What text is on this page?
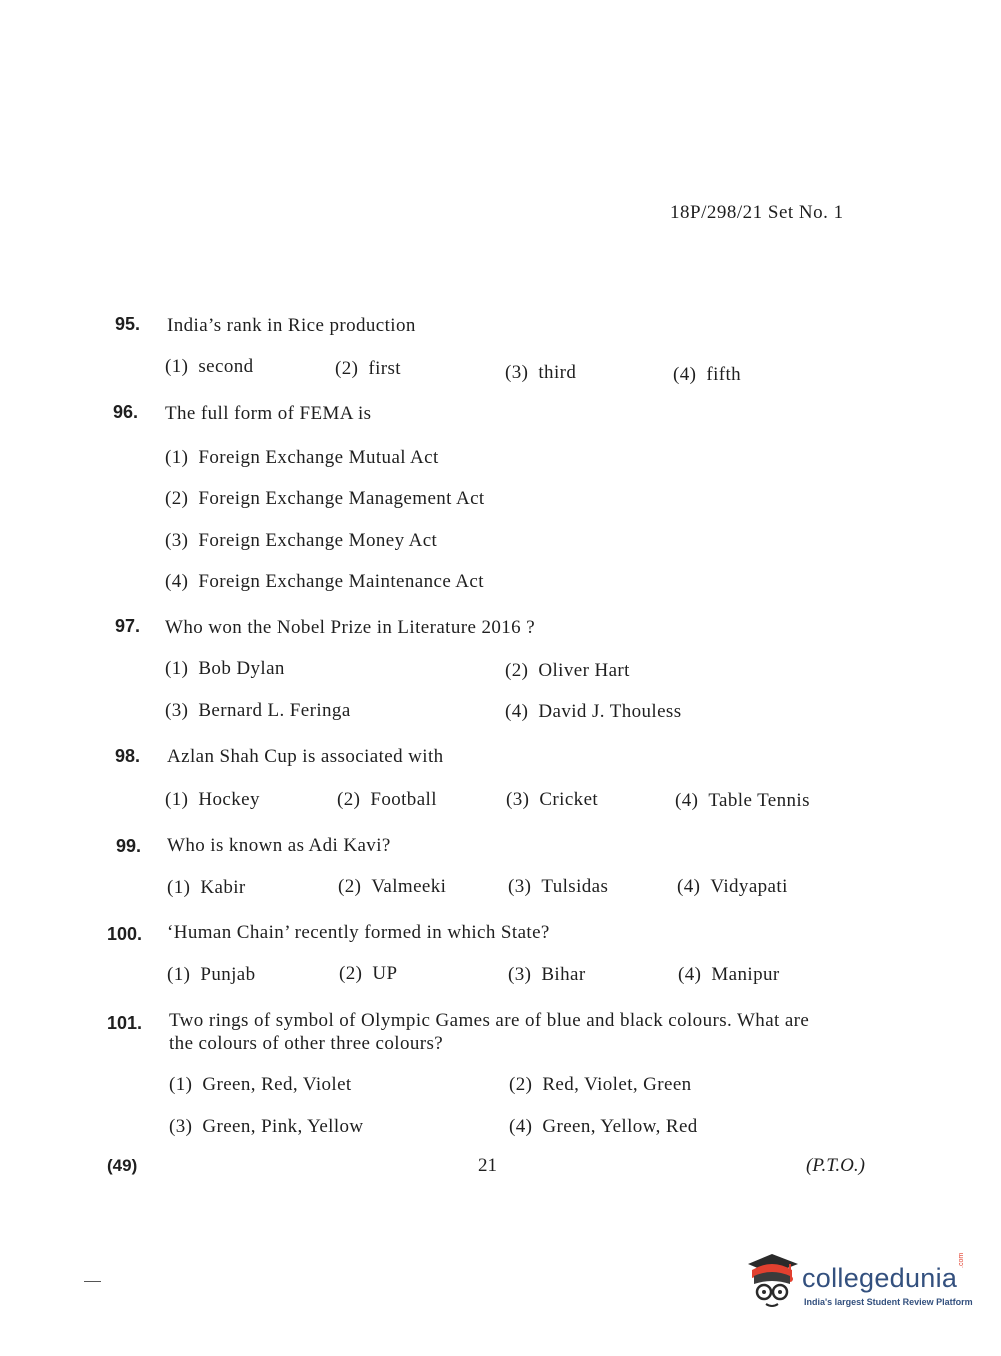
18P/298/21 Set No. 1
95. India’s rank in Rice production
(1) second	(2) first	(3) third	(4) fifth
96. The full form of FEMA is
(1) Foreign Exchange Mutual Act
(2) Foreign Exchange Management Act
(3) Foreign Exchange Money Act
(4) Foreign Exchange Maintenance Act
97. Who won the Nobel Prize in Literature 2016 ?
(1) Bob Dylan	(2) Oliver Hart
(3) Bernard L. Feringa	(4) David J. Thouless
98. Azlan Shah Cup is associated with
(1) Hockey	(2) Football	(3) Cricket	(4) Table Tennis
99. Who is known as Adi Kavi?
(1) Kabir	(2) Valmeeki	(3) Tulsidas	(4) Vidyapati
100. ‘Human Chain’ recently formed in which State?
(1) Punjab	(2) UP	(3) Bihar	(4) Manipur
101. Two rings of symbol of Olympic Games are of blue and black colours. What are
the colours of other three colours?
(1) Green, Red, Violet	(2) Red, Violet, Green
(3) Green, Pink, Yellow	(4) Green, Yellow, Red
(49)	21	(P.T.O.)
collegedunia
.com
India's largest Student Review Platform
